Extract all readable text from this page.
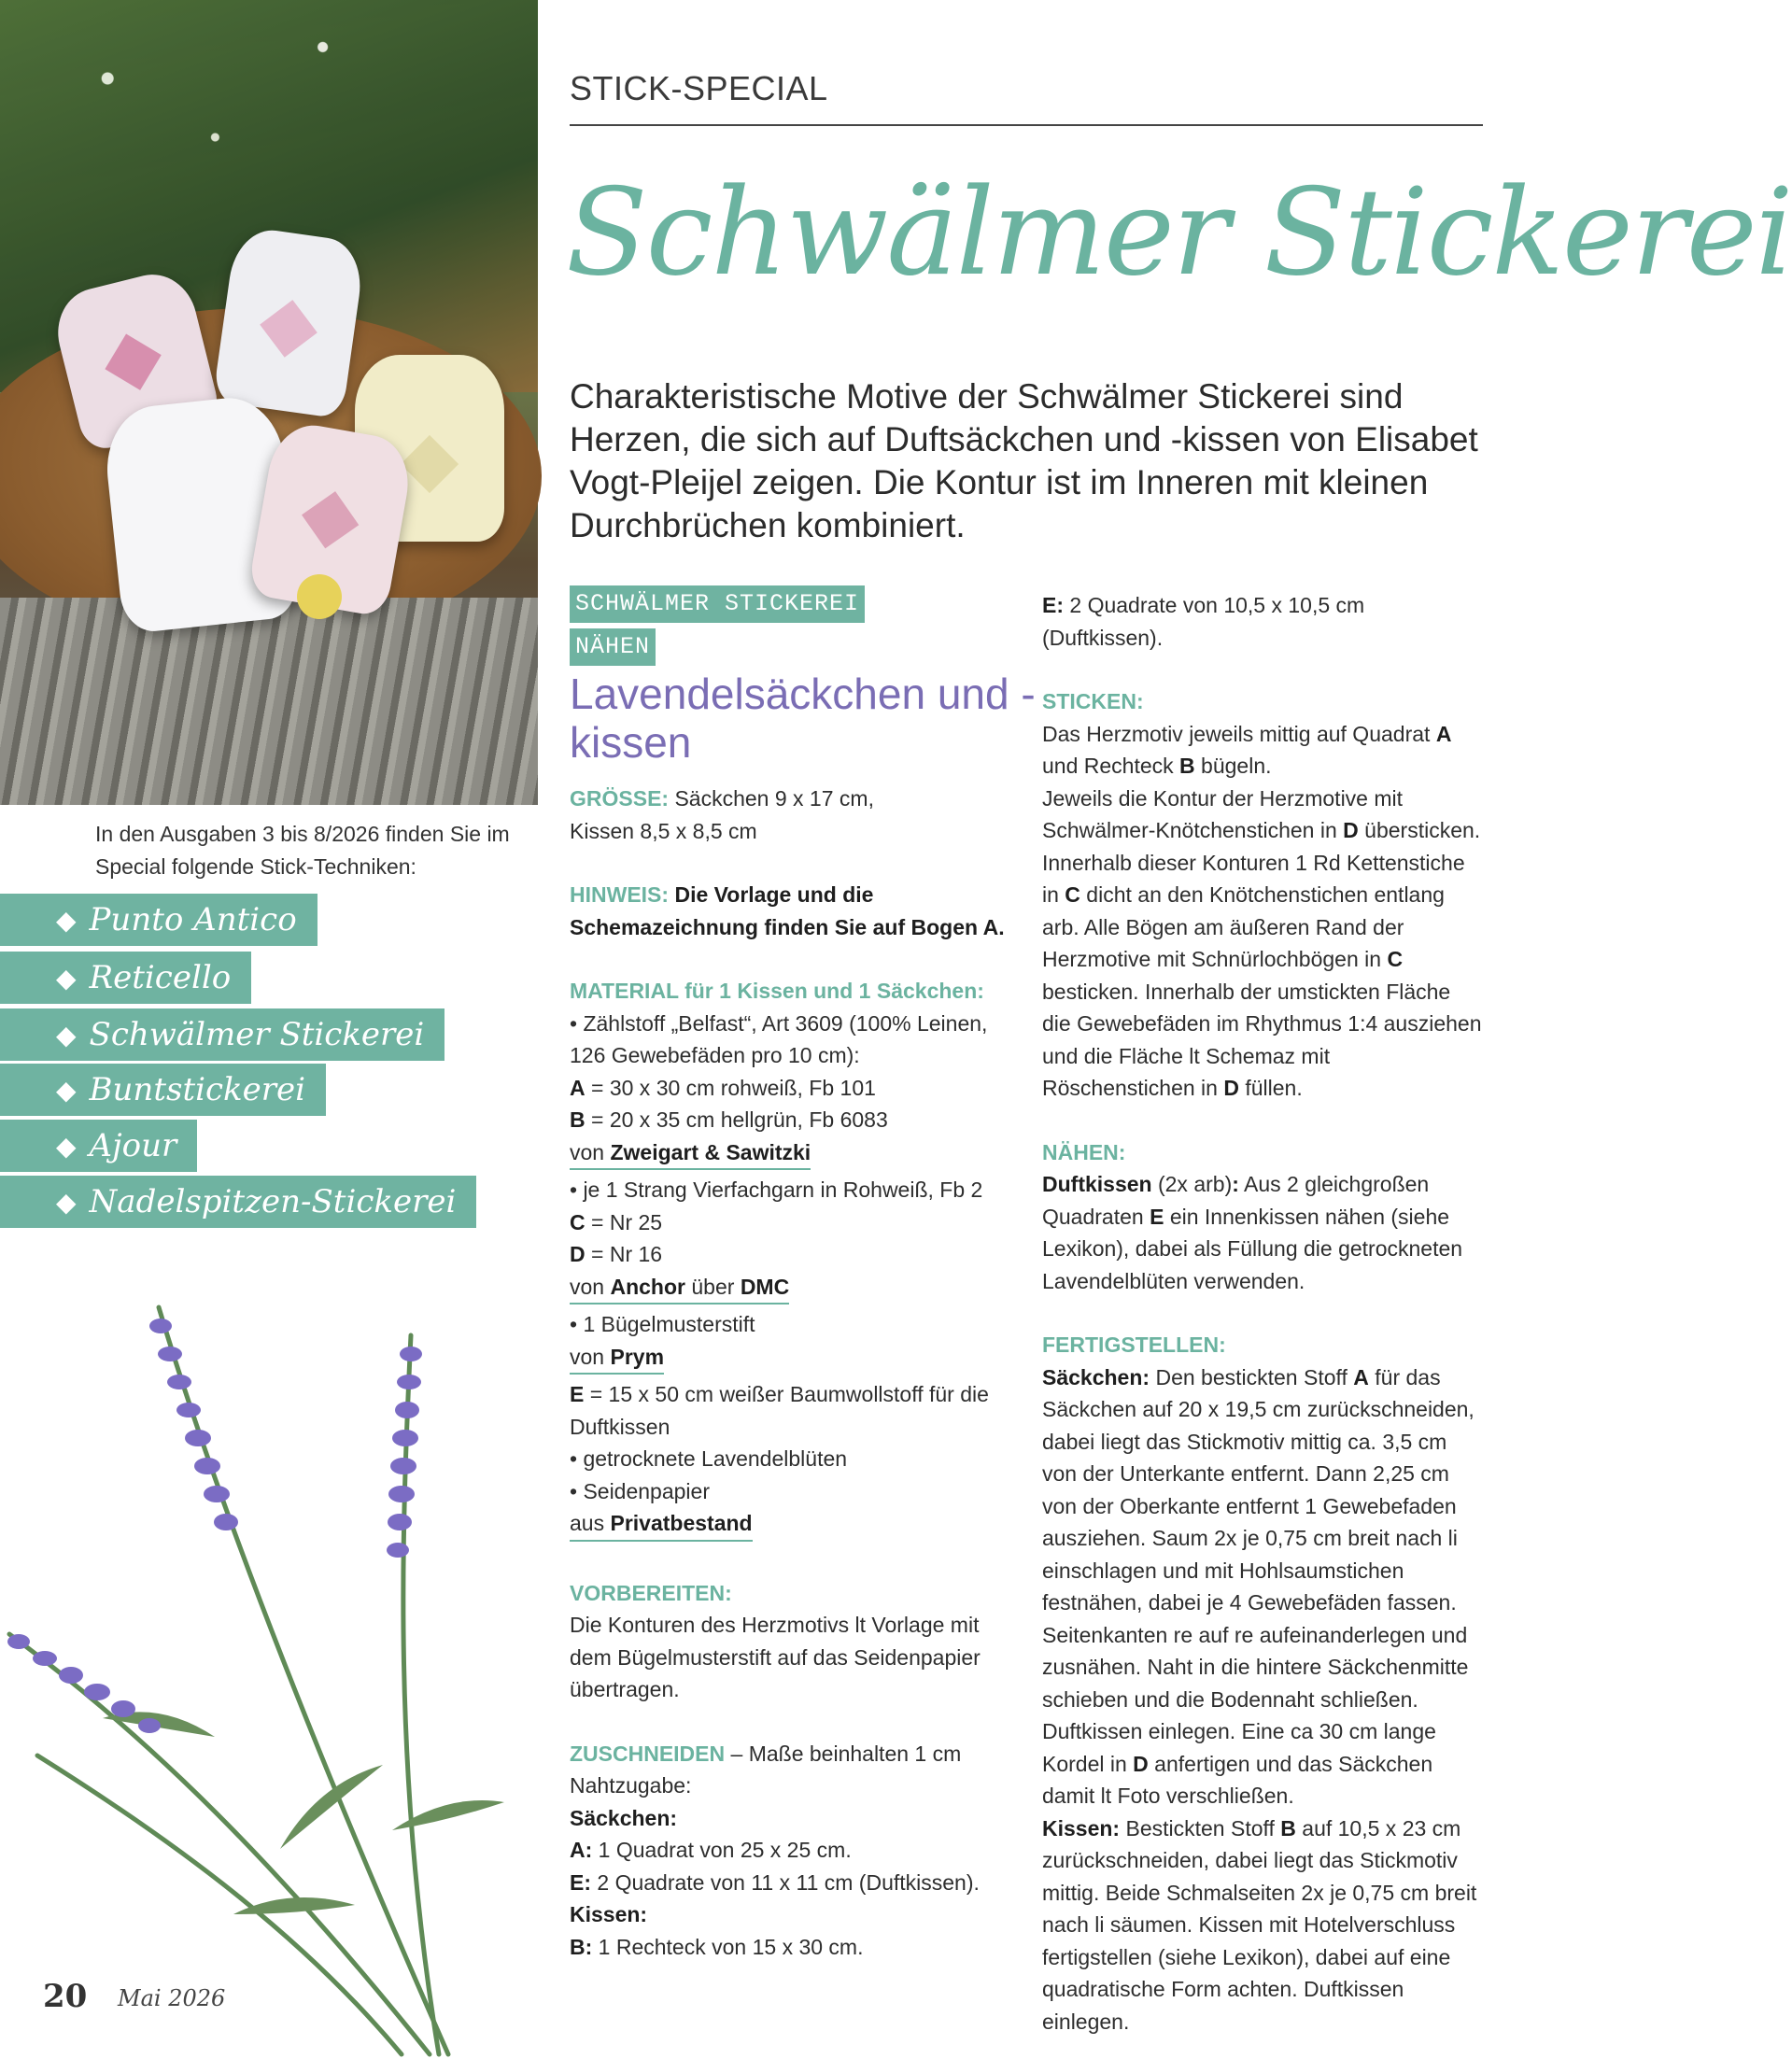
STICK-SPECIAL
Schwälmer Stickerei
Charakteristische Motive der Schwälmer Stickerei sind Herzen, die sich auf Duftsäckchen und -kissen von Elisabet Vogt-Pleijel zeigen. Die Kontur ist im Inneren mit kleinen Durchbrüchen kombiniert.
In den Ausgaben 3 bis 8/2026 finden Sie im Special folgende Stick-Techniken:
◆ Punto Antico
◆ Reticello
◆ Schwälmer Stickerei
◆ Buntstickerei
◆ Ajour
◆ Nadelspitzen-Stickerei
SCHWÄLMER STICKEREI
NÄHEN
Lavendelsäckchen und -kissen

GRÖSSE: Säckchen 9 x 17 cm,

Kissen 8,5 x 8,5 cm

HINWEIS: Die Vorlage und die Schemazeichnung finden Sie auf Bogen A.

MATERIAL für 1 Kissen und 1 Säckchen:

• Zählstoff „Belfast“, Art 3609 (100% Leinen, 126 Gewebefäden pro 10 cm):

A = 30 x 30 cm rohweiß, Fb 101

B = 20 x 35 cm hellgrün, Fb 6083

von Zweigart & Sawitzki

• je 1 Strang Vierfachgarn in Rohweiß, Fb 2

C = Nr 25

D = Nr 16

von Anchor über DMC

• 1 Bügelmusterstift

von Prym

E = 15 x 50 cm weißer Baumwollstoff für die Duftkissen

• getrocknete Lavendelblüten

• Seidenpapier

aus Privatbestand

VORBEREITEN:

Die Konturen des Herzmotivs lt Vorlage mit dem Bügelmusterstift auf das Seidenpapier übertragen.

ZUSCHNEIDEN – Maße beinhalten 1 cm Nahtzugabe:

Säckchen:

A: 1 Quadrat von 25 x 25 cm.

E: 2 Quadrate von 11 x 11 cm (Duftkissen).

Kissen:

B: 1 Rechteck von 15 x 30 cm.

E: 2 Quadrate von 10,5 x 10,5 cm (Duftkissen).

STICKEN:

Das Herzmotiv jeweils mittig auf Quadrat A und Rechteck B bügeln.

Jeweils die Kontur der Herzmotive mit Schwälmer-Knötchenstichen in D übersticken. Innerhalb dieser Konturen 1 Rd Kettenstiche in C dicht an den Knötchenstichen entlang arb. Alle Bögen am äußeren Rand der Herzmotive mit Schnürlochbögen in C besticken. Innerhalb der umstickten Fläche die Gewebefäden im Rhythmus 1:4 ausziehen und die Fläche lt Schemaz mit Röschenstichen in D füllen.

NÄHEN:

Duftkissen (2x arb): Aus 2 gleichgroßen Quadraten E ein Innenkissen nähen (siehe Lexikon), dabei als Füllung die getrockneten Lavendelblüten verwenden.

FERTIGSTELLEN:

Säckchen: Den bestickten Stoff A für das Säckchen auf 20 x 19,5 cm zurückschneiden, dabei liegt das Stickmotiv mittig ca. 3,5 cm von der Unterkante entfernt. Dann 2,25 cm von der Oberkante entfernt 1 Gewebefaden ausziehen. Saum 2x je 0,75 cm breit nach li einschlagen und mit Hohlsaumstichen festnähen, dabei je 4 Gewebefäden fassen. Seitenkanten re auf re aufeinanderlegen und zusnähen. Naht in die hintere Säckchenmitte schieben und die Bodennaht schließen. Duftkissen einlegen. Eine ca 30 cm lange Kordel in D anfertigen und das Säckchen damit lt Foto verschließen.

Kissen: Bestickten Stoff B auf 10,5 x 23 cm zurückschneiden, dabei liegt das Stickmotiv mittig. Beide Schmalseiten 2x je 0,75 cm breit nach li säumen. Kissen mit Hotelverschluss fertigstellen (siehe Lexikon), dabei auf eine quadratische Form achten. Duftkissen einlegen.

20 Mai 2026
